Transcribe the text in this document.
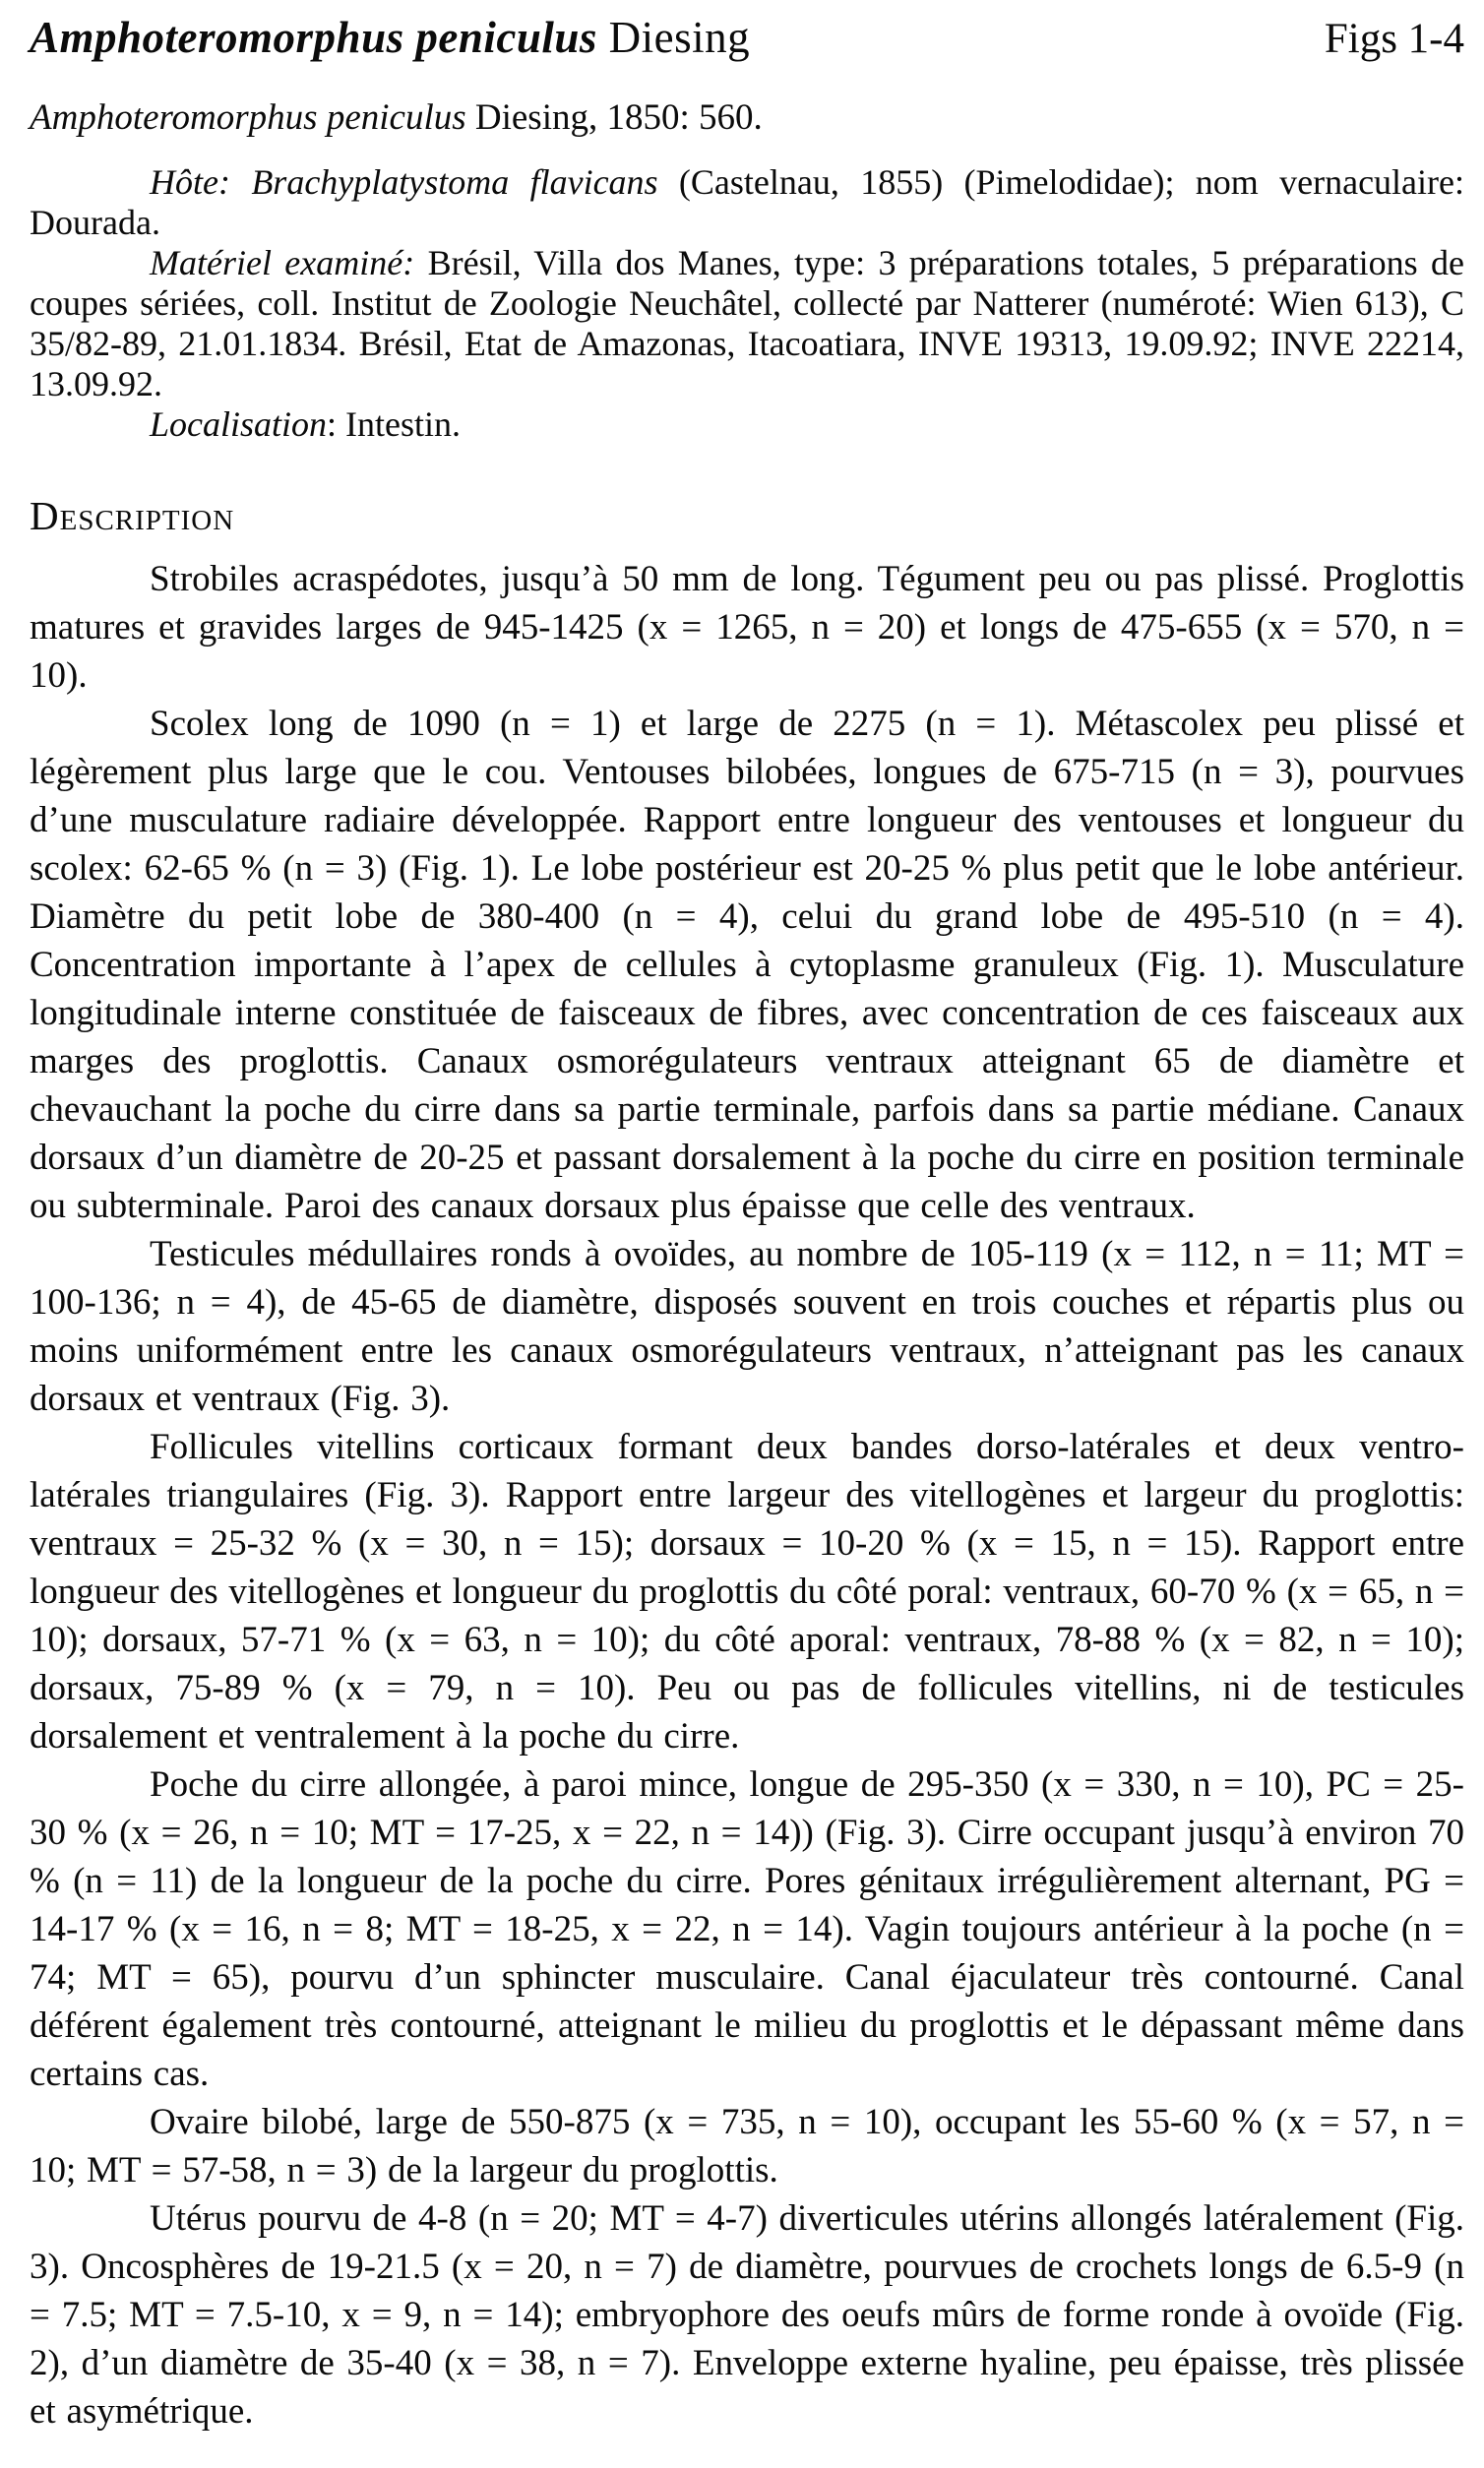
Amphoteromorphus peniculus Diesing	Figs 1-4

Amphoteromorphus peniculus Diesing, 1850: 560.

Hôte: Brachyplatystoma flavicans (Castelnau, 1855) (Pimelodidae); nom vernaculaire: Dourada.

Matériel examiné: Brésil, Villa dos Manes, type: 3 préparations totales, 5 préparations de coupes sériées, coll. Institut de Zoologie Neuchâtel, collecté par Natterer (numéroté: Wien 613), C 35/82-89, 21.01.1834. Brésil, Etat de Amazonas, Itacoatiara, INVE 19313, 19.09.92; INVE 22214, 13.09.92.

Localisation: Intestin.

Description

Strobiles acraspédotes, jusqu’à 50 mm de long. Tégument peu ou pas plissé. Proglottis matures et gravides larges de 945-1425 (x = 1265, n = 20) et longs de 475-655 (x = 570, n = 10).

Scolex long de 1090 (n = 1) et large de 2275 (n = 1). Métascolex peu plissé et légèrement plus large que le cou. Ventouses bilobées, longues de 675-715 (n = 3), pourvues d’une musculature radiaire développée. Rapport entre longueur des ventouses et longueur du scolex: 62-65 % (n = 3) (Fig. 1). Le lobe postérieur est 20-25 % plus petit que le lobe antérieur. Diamètre du petit lobe de 380-400 (n = 4), celui du grand lobe de 495-510 (n = 4). Concentration importante à l’apex de cellules à cytoplasme granuleux (Fig. 1). Musculature longitudinale interne constituée de faisceaux de fibres, avec concentration de ces faisceaux aux marges des proglottis. Canaux osmorégulateurs ventraux atteignant 65 de diamètre et chevauchant la poche du cirre dans sa partie terminale, parfois dans sa partie médiane. Canaux dorsaux d’un diamètre de 20-25 et passant dorsalement à la poche du cirre en position terminale ou subterminale. Paroi des canaux dorsaux plus épaisse que celle des ventraux.

Testicules médullaires ronds à ovoïdes, au nombre de 105-119 (x = 112, n = 11; MT = 100-136; n = 4), de 45-65 de diamètre, disposés souvent en trois couches et répartis plus ou moins uniformément entre les canaux osmorégulateurs ventraux, n’atteignant pas les canaux dorsaux et ventraux (Fig. 3).

Follicules vitellins corticaux formant deux bandes dorso-latérales et deux ventro-latérales triangulaires (Fig. 3). Rapport entre largeur des vitellogènes et largeur du proglottis: ventraux = 25-32 % (x = 30, n = 15); dorsaux = 10-20 % (x = 15, n = 15). Rapport entre longueur des vitellogènes et longueur du proglottis du côté poral: ventraux, 60-70 % (x = 65, n = 10); dorsaux, 57-71 % (x = 63, n = 10); du côté aporal: ventraux, 78-88 % (x = 82, n = 10); dorsaux, 75-89 % (x = 79, n = 10). Peu ou pas de follicules vitellins, ni de testicules dorsalement et ventralement à la poche du cirre.

Poche du cirre allongée, à paroi mince, longue de 295-350 (x = 330, n = 10), PC = 25-30 % (x = 26, n = 10; MT = 17-25, x = 22, n = 14)) (Fig. 3). Cirre occupant jusqu’à environ 70 % (n = 11) de la longueur de la poche du cirre. Pores génitaux irrégulièrement alternant, PG = 14-17 % (x = 16, n = 8; MT = 18-25, x = 22, n = 14). Vagin toujours antérieur à la poche (n = 74; MT = 65), pourvu d’un sphincter musculaire. Canal éjaculateur très contourné. Canal déférent également très contourné, atteignant le milieu du proglottis et le dépassant même dans certains cas.

Ovaire bilobé, large de 550-875 (x = 735, n = 10), occupant les 55-60 % (x = 57, n = 10; MT = 57-58, n = 3) de la largeur du proglottis.

Utérus pourvu de 4-8 (n = 20; MT = 4-7) diverticules utérins allongés latéralement (Fig. 3). Oncosphères de 19-21.5 (x = 20, n = 7) de diamètre, pourvues de crochets longs de 6.5-9 (n = 7.5; MT = 7.5-10, x = 9, n = 14); embryophore des oeufs mûrs de forme ronde à ovoïde (Fig. 2), d’un diamètre de 35-40 (x = 38, n = 7). Enveloppe externe hyaline, peu épaisse, très plissée et asymétrique.
